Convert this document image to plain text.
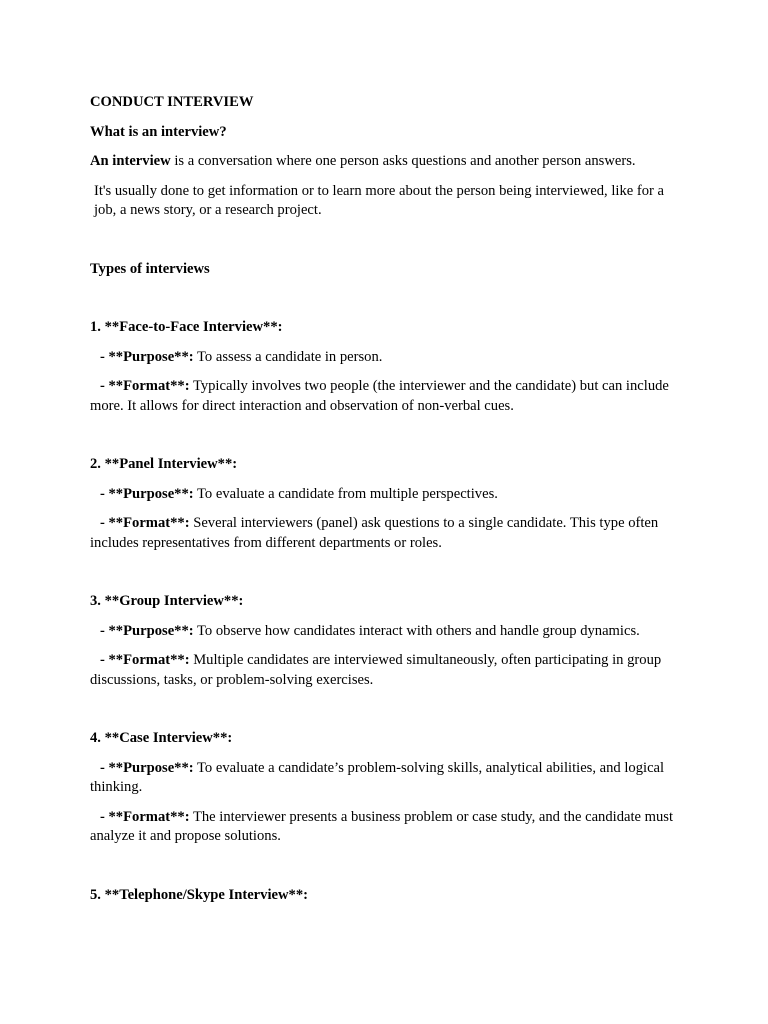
CONDUCT INTERVIEW

What is an interview?

An interview is a conversation where one person asks questions and another person answers.

It's usually done to get information or to learn more about the person being interviewed, like for a job, a news story, or a research project.

Types of interviews

1. **Face-to-Face Interview**:

- **Purpose**: To assess a candidate in person.

- **Format**: Typically involves two people (the interviewer and the candidate) but can include more. It allows for direct interaction and observation of non-verbal cues.

2. **Panel Interview**:

- **Purpose**: To evaluate a candidate from multiple perspectives.

- **Format**: Several interviewers (panel) ask questions to a single candidate. This type often includes representatives from different departments or roles.

3. **Group Interview**:

- **Purpose**: To observe how candidates interact with others and handle group dynamics.

- **Format**: Multiple candidates are interviewed simultaneously, often participating in group discussions, tasks, or problem-solving exercises.

4. **Case Interview**:

- **Purpose**: To evaluate a candidate’s problem-solving skills, analytical abilities, and logical thinking.

- **Format**: The interviewer presents a business problem or case study, and the candidate must analyze it and propose solutions.

5. **Telephone/Skype Interview**:
